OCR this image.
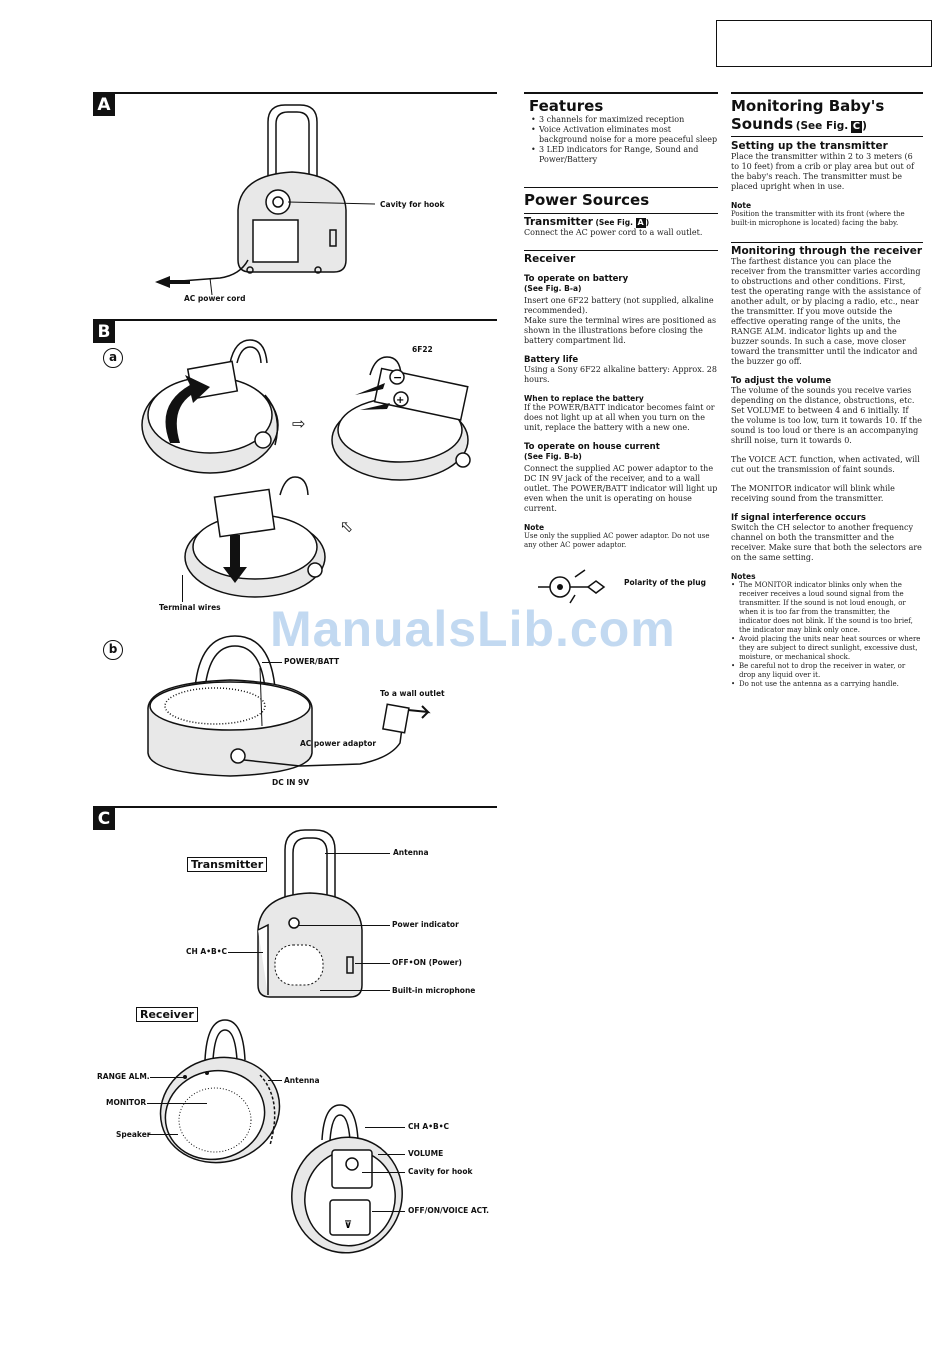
A
Cavity for hook
AC power cord
B
a
b
⇨
−
+
6F22
⇦
Terminal wires
POWER/BATT
To a wall outlet
AC power adaptor
DC IN 9V
C
Transmitter
Antenna
Power indicator
CH A•B•C
OFF•ON (Power)
Built-in microphone
Receiver
RANGE ALM.
MONITOR
Speaker
Antenna
⊽
CH A•B•C
VOLUME
Cavity for hook
OFF/ON/VOICE ACT.
ManualsLib.com
Features
• 3 channels for maximized reception
• Voice Activation eliminates most background noise for a more peaceful sleep
• 3 LED indicators for Range, Sound and Power/Battery
Power Sources
Transmitter (See Fig. A )
Connect the AC power cord to a wall outlet.
Receiver
To operate on battery
(See Fig. B-a)
Insert one 6F22 battery (not supplied, alkaline recommended).
Make sure the terminal wires are positioned as shown in the illustrations before closing the battery compartment lid.
Battery life
Using a Sony 6F22 alkaline battery: Approx. 28 hours.
When to replace the battery
If the POWER/BATT indicator becomes faint or does not light up at all when you turn on the unit, replace the battery with a new one.
To operate on house current
(See Fig. B-b)
Connect the supplied AC power adaptor to the DC IN 9V jack of the receiver, and to a wall outlet. The POWER/BATT indicator will light up even when the unit is operating on house current.
Note
Use only the supplied AC power adaptor. Do not use any other AC power adaptor.
Polarity of the plug
Monitoring Baby's
Sounds (See Fig. C )
Setting up the transmitter
Place the transmitter within 2 to 3 meters (6 to 10 feet) from a crib or play area but out of the baby's reach. The transmitter must be placed upright when in use.
Note
Position the transmitter with its front (where the built-in microphone is located) facing the baby.
Monitoring through the receiver
The farthest distance you can place the receiver from the transmitter varies according to obstructions and other conditions. First, test the operating range with the assistance of another adult, or by placing a radio, etc., near the transmitter. If you move outside the effective operating range of the units, the RANGE ALM. indicator lights up and the buzzer sounds. In such a case, move closer toward the transmitter until the indicator and the buzzer go off.
To adjust the volume
The volume of the sounds you receive varies depending on the distance, obstructions, etc. Set VOLUME to between 4 and 6 initially. If the volume is too low, turn it towards 10. If the sound is too loud or there is an accompanying shrill noise, turn it towards 0.
The VOICE ACT. function, when activated, will cut out the transmission of faint sounds.
The MONITOR indicator will blink while receiving sound from the transmitter.
If signal interference occurs
Switch the CH selector to another frequency channel on both the transmitter and the receiver. Make sure that both the selectors are on the same setting.
Notes
• The MONITOR indicator blinks only when the receiver receives a loud sound signal from the transmitter. If the sound is not loud enough, or when it is too far from the transmitter, the indicator does not blink. If the sound is too brief, the indicator may blink only once.
• Avoid placing the units near heat sources or where they are subject to direct sunlight, excessive dust, moisture, or mechanical shock.
• Be careful not to drop the receiver in water, or drop any liquid over it.
• Do not use the antenna as a carrying handle.
